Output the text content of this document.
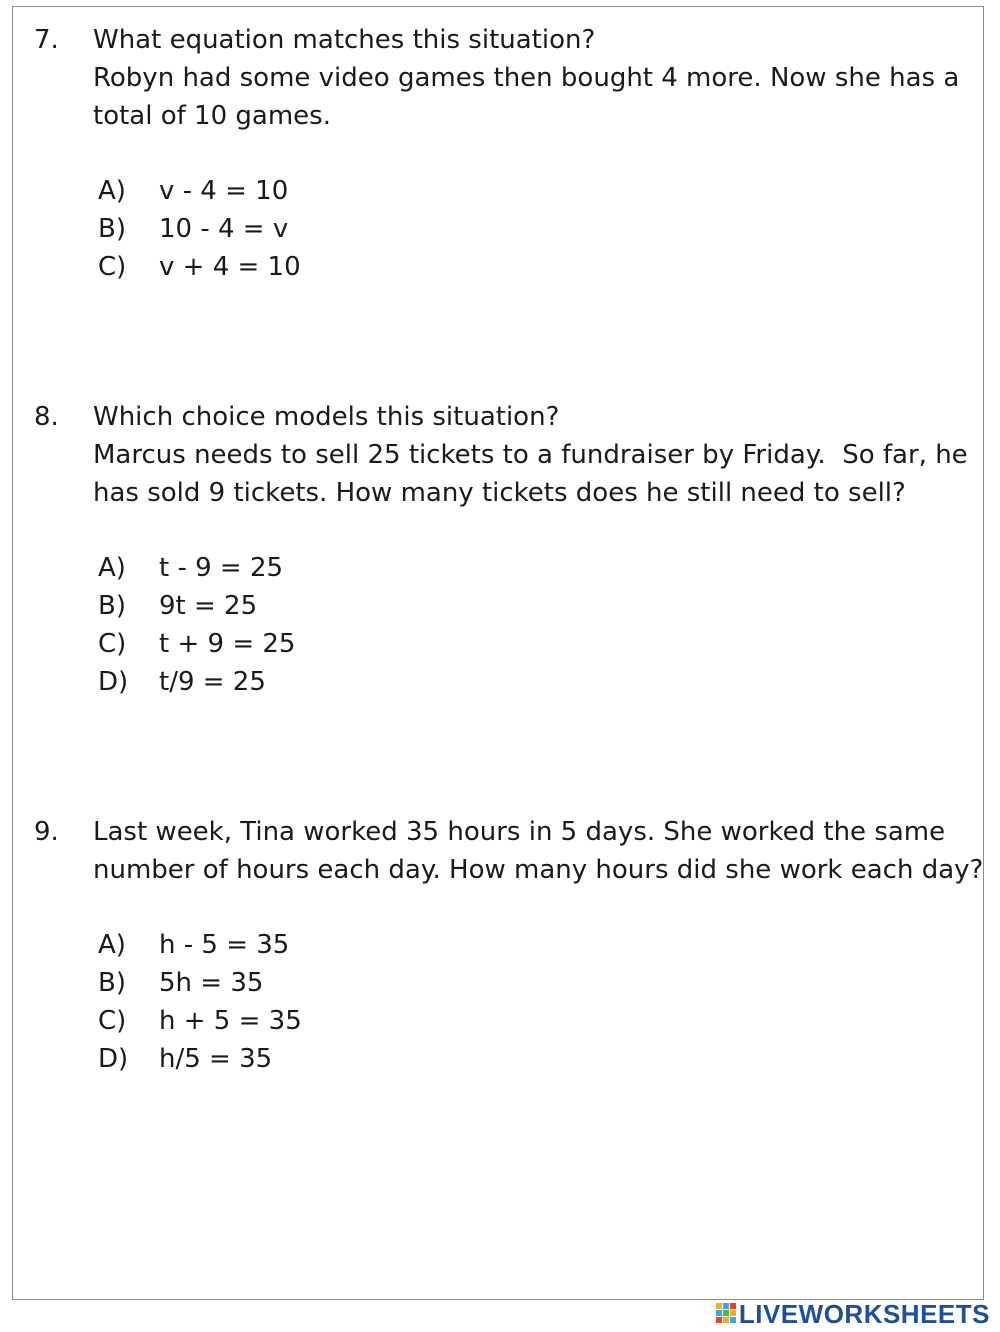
7. What equation matches this situation?
Robyn had some video games then bought 4 more. Now she has a
total of 10 games.
A)	v - 4 = 10
B)	10 - 4 = v
C)	v + 4 = 10
8. Which choice models this situation?
Marcus needs to sell 25 tickets to a fundraiser by Friday.  So far, he
has sold 9 tickets. How many tickets does he still need to sell?
A)	t - 9 = 25
B)	9t = 25
C)	t + 9 = 25
D)	t/9 = 25
9. Last week, Tina worked 35 hours in 5 days. She worked the same
number of hours each day. How many hours did she work each day?
A)	h - 5 = 35
B)	5h = 35
C)	h + 5 = 35
D)	h/5 = 35
LIVEWORKSHEETS
